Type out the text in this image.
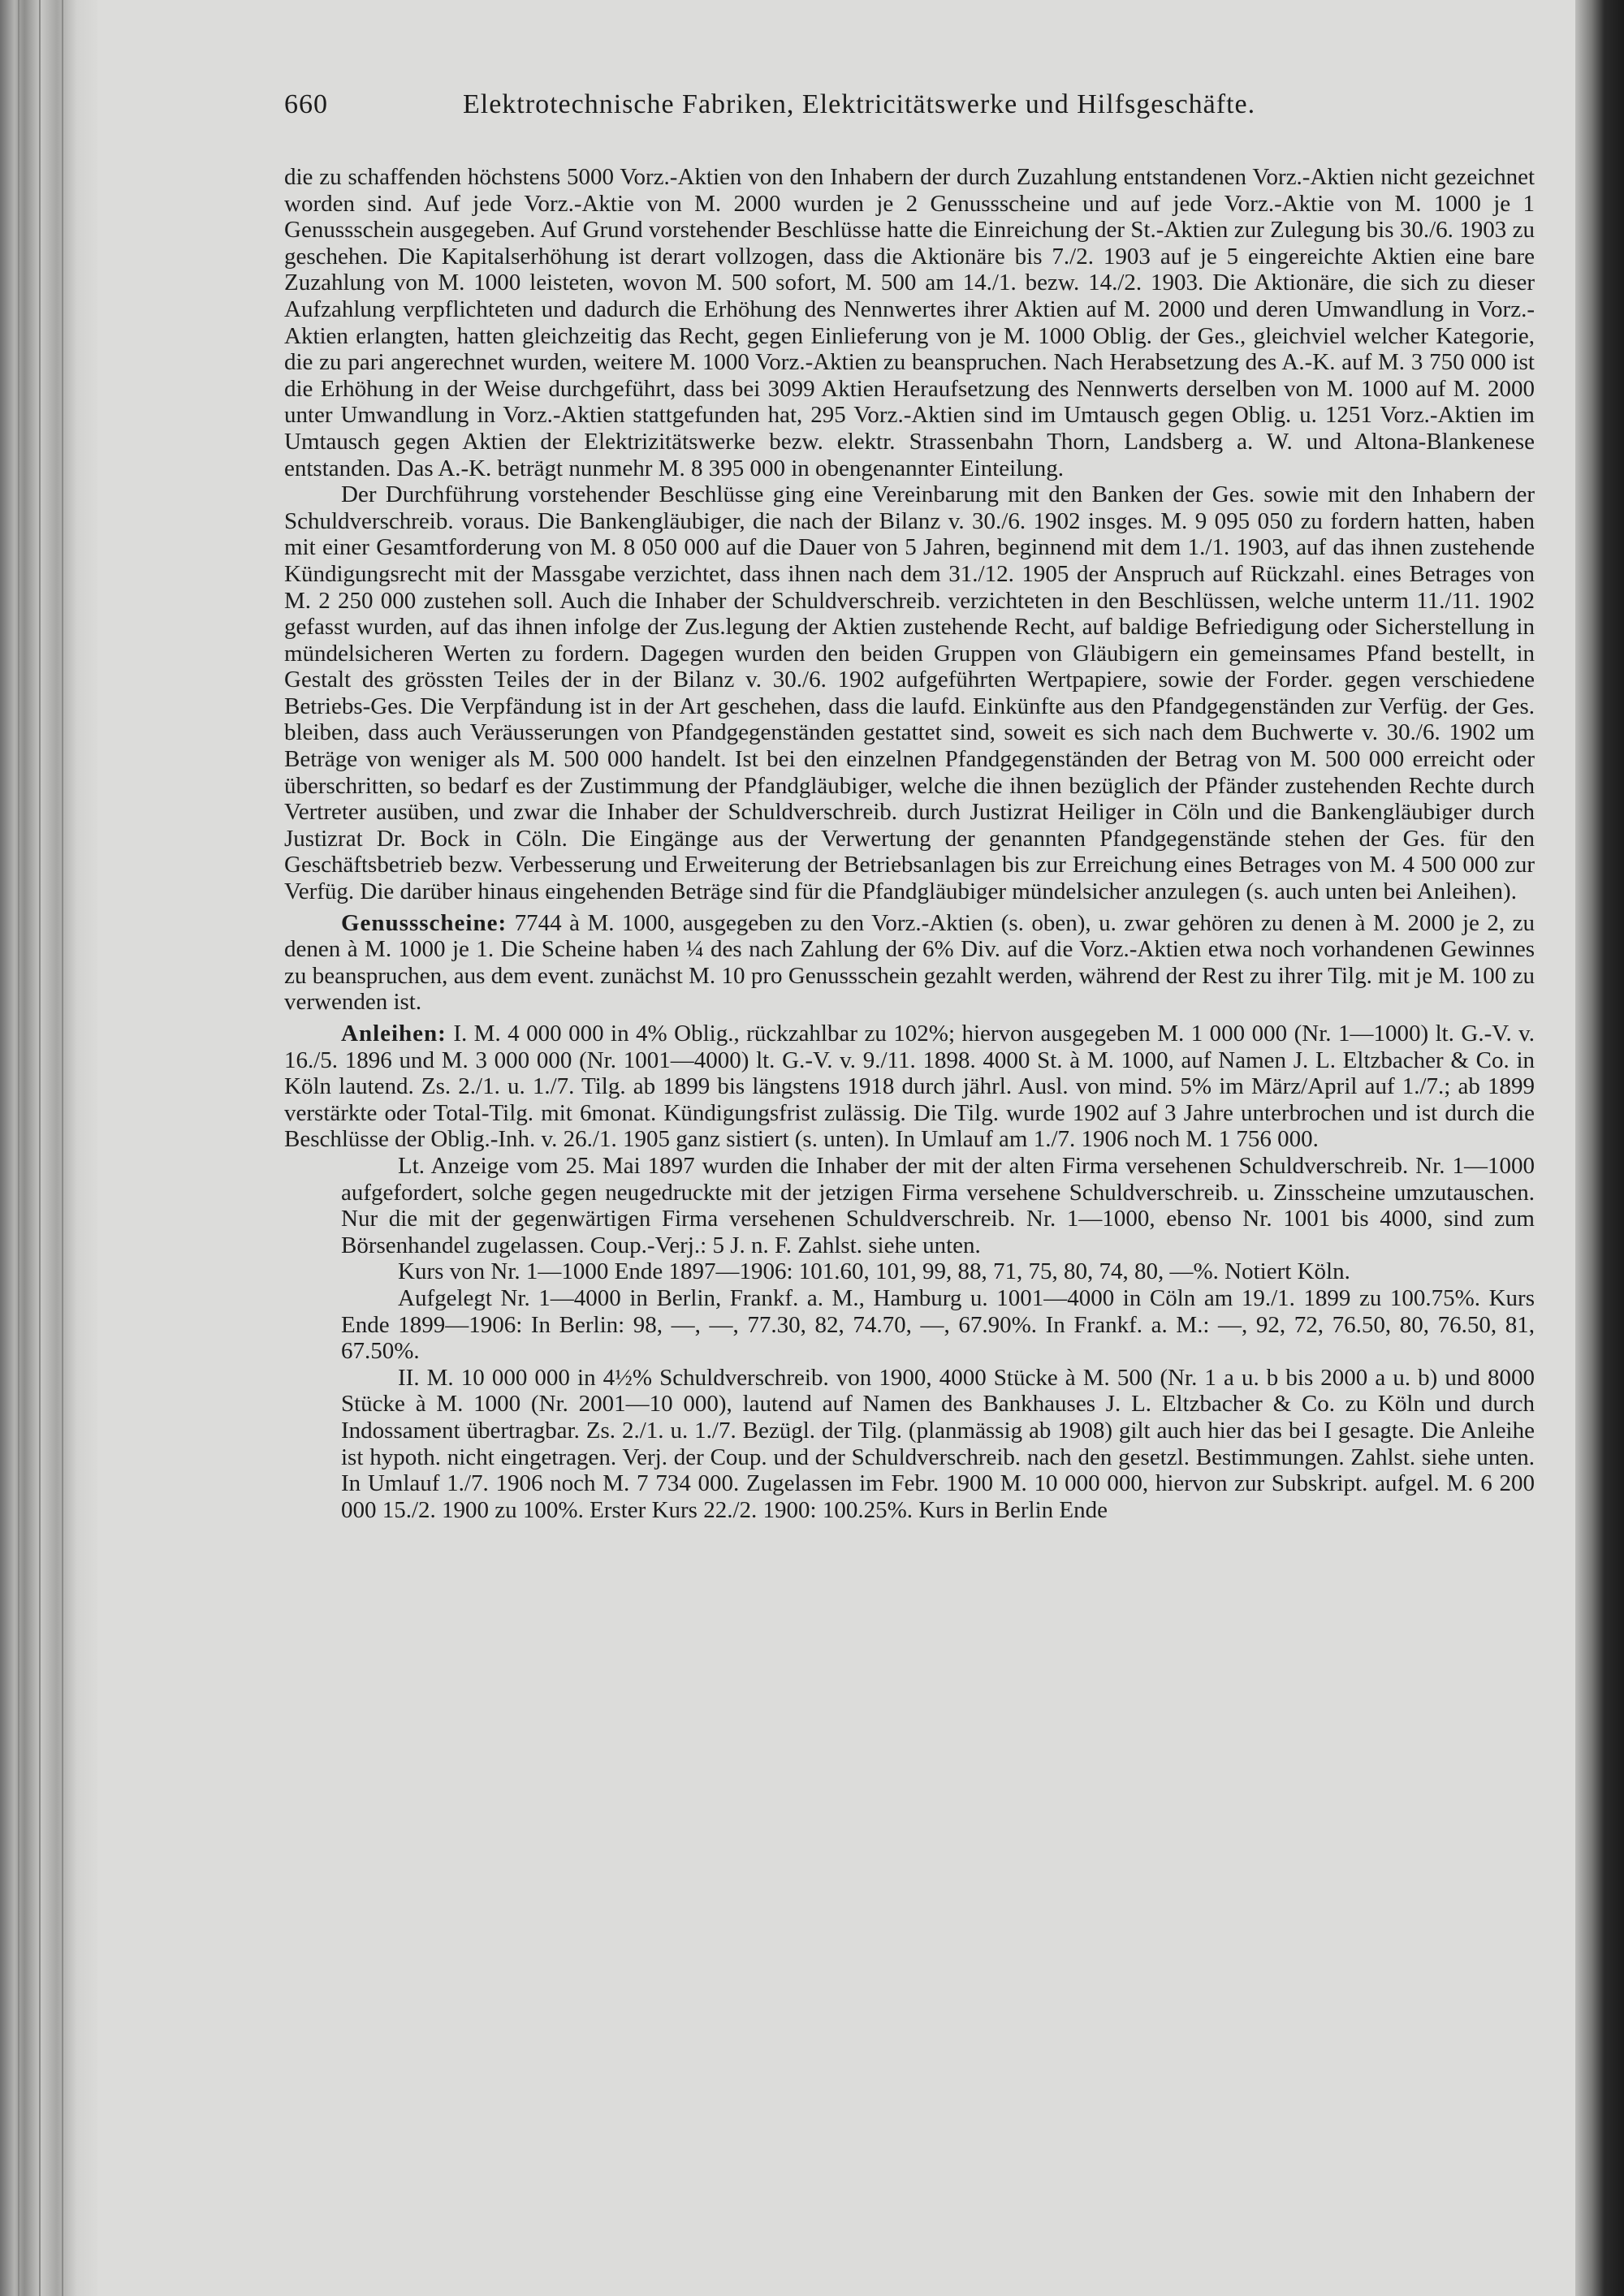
660	Elektrotechnische Fabriken, Elektricitätswerke und Hilfsgeschäfte.

die zu schaffenden höchstens 5000 Vorz.-Aktien von den Inhabern der durch Zuzahlung entstandenen Vorz.-Aktien nicht gezeichnet worden sind. Auf jede Vorz.-Aktie von M. 2000 wurden je 2 Genussscheine und auf jede Vorz.-Aktie von M. 1000 je 1 Genussschein ausgegeben. Auf Grund vorstehender Beschlüsse hatte die Einreichung der St.-Aktien zur Zulegung bis 30./6. 1903 zu geschehen. Die Kapitalserhöhung ist derart vollzogen, dass die Aktionäre bis 7./2. 1903 auf je 5 eingereichte Aktien eine bare Zuzahlung von M. 1000 leisteten, wovon M. 500 sofort, M. 500 am 14./1. bezw. 14./2. 1903. Die Aktionäre, die sich zu dieser Aufzahlung verpflichteten und dadurch die Erhöhung des Nennwertes ihrer Aktien auf M. 2000 und deren Umwandlung in Vorz.-Aktien erlangten, hatten gleichzeitig das Recht, gegen Einlieferung von je M. 1000 Oblig. der Ges., gleichviel welcher Kategorie, die zu pari angerechnet wurden, weitere M. 1000 Vorz.-Aktien zu beanspruchen. Nach Herabsetzung des A.-K. auf M. 3 750 000 ist die Erhöhung in der Weise durchgeführt, dass bei 3099 Aktien Heraufsetzung des Nennwerts derselben von M. 1000 auf M. 2000 unter Umwandlung in Vorz.-Aktien stattgefunden hat, 295 Vorz.-Aktien sind im Umtausch gegen Oblig. u. 1251 Vorz.-Aktien im Umtausch gegen Aktien der Elektrizitätswerke bezw. elektr. Strassenbahn Thorn, Landsberg a. W. und Altona-Blankenese entstanden. Das A.-K. beträgt nunmehr M. 8 395 000 in obengenannter Einteilung.

Der Durchführung vorstehender Beschlüsse ging eine Vereinbarung mit den Banken der Ges. sowie mit den Inhabern der Schuldverschreib. voraus. Die Bankengläubiger, die nach der Bilanz v. 30./6. 1902 insges. M. 9 095 050 zu fordern hatten, haben mit einer Gesamtforderung von M. 8 050 000 auf die Dauer von 5 Jahren, beginnend mit dem 1./1. 1903, auf das ihnen zustehende Kündigungsrecht mit der Massgabe verzichtet, dass ihnen nach dem 31./12. 1905 der Anspruch auf Rückzahl. eines Betrages von M. 2 250 000 zustehen soll. Auch die Inhaber der Schuldverschreib. verzichteten in den Beschlüssen, welche unterm 11./11. 1902 gefasst wurden, auf das ihnen infolge der Zus.legung der Aktien zustehende Recht, auf baldige Befriedigung oder Sicherstellung in mündelsicheren Werten zu fordern. Dagegen wurden den beiden Gruppen von Gläubigern ein gemeinsames Pfand bestellt, in Gestalt des grössten Teiles der in der Bilanz v. 30./6. 1902 aufgeführten Wertpapiere, sowie der Forder. gegen verschiedene Betriebs-Ges. Die Verpfändung ist in der Art geschehen, dass die laufd. Einkünfte aus den Pfandgegenständen zur Verfüg. der Ges. bleiben, dass auch Veräusserungen von Pfandgegenständen gestattet sind, soweit es sich nach dem Buchwerte v. 30./6. 1902 um Beträge von weniger als M. 500 000 handelt. Ist bei den einzelnen Pfandgegenständen der Betrag von M. 500 000 erreicht oder überschritten, so bedarf es der Zustimmung der Pfandgläubiger, welche die ihnen bezüglich der Pfänder zustehenden Rechte durch Vertreter ausüben, und zwar die Inhaber der Schuldverschreib. durch Justizrat Heiliger in Cöln und die Bankengläubiger durch Justizrat Dr. Bock in Cöln. Die Eingänge aus der Verwertung der genannten Pfandgegenstände stehen der Ges. für den Geschäftsbetrieb bezw. Verbesserung und Erweiterung der Betriebsanlagen bis zur Erreichung eines Betrages von M. 4 500 000 zur Verfüg. Die darüber hinaus eingehenden Beträge sind für die Pfandgläubiger mündelsicher anzulegen (s. auch unten bei Anleihen).

Genussscheine: 7744 à M. 1000, ausgegeben zu den Vorz.-Aktien (s. oben), u. zwar gehören zu denen à M. 2000 je 2, zu denen à M. 1000 je 1. Die Scheine haben ¼ des nach Zahlung der 6% Div. auf die Vorz.-Aktien etwa noch vorhandenen Gewinnes zu beanspruchen, aus dem event. zunächst M. 10 pro Genussschein gezahlt werden, während der Rest zu ihrer Tilg. mit je M. 100 zu verwenden ist.

Anleihen: I. M. 4 000 000 in 4% Oblig., rückzahlbar zu 102%; hiervon ausgegeben M. 1 000 000 (Nr. 1—1000) lt. G.-V. v. 16./5. 1896 und M. 3 000 000 (Nr. 1001—4000) lt. G.-V. v. 9./11. 1898. 4000 St. à M. 1000, auf Namen J. L. Eltzbacher & Co. in Köln lautend. Zs. 2./1. u. 1./7. Tilg. ab 1899 bis längstens 1918 durch jährl. Ausl. von mind. 5% im März/April auf 1./7.; ab 1899 verstärkte oder Total-Tilg. mit 6monat. Kündigungsfrist zulässig. Die Tilg. wurde 1902 auf 3 Jahre unterbrochen und ist durch die Beschlüsse der Oblig.-Inh. v. 26./1. 1905 ganz sistiert (s. unten). In Umlauf am 1./7. 1906 noch M. 1 756 000.

Lt. Anzeige vom 25. Mai 1897 wurden die Inhaber der mit der alten Firma versehenen Schuldverschreib. Nr. 1—1000 aufgefordert, solche gegen neugedruckte mit der jetzigen Firma versehene Schuldverschreib. u. Zinsscheine umzutauschen. Nur die mit der gegenwärtigen Firma versehenen Schuldverschreib. Nr. 1—1000, ebenso Nr. 1001 bis 4000, sind zum Börsenhandel zugelassen. Coup.-Verj.: 5 J. n. F. Zahlst. siehe unten.

Kurs von Nr. 1—1000 Ende 1897—1906: 101.60, 101, 99, 88, 71, 75, 80, 74, 80, —%. Notiert Köln.

Aufgelegt Nr. 1—4000 in Berlin, Frankf. a. M., Hamburg u. 1001—4000 in Cöln am 19./1. 1899 zu 100.75%. Kurs Ende 1899—1906: In Berlin: 98, —, —, 77.30, 82, 74.70, —, 67.90%. In Frankf. a. M.: —, 92, 72, 76.50, 80, 76.50, 81, 67.50%.

II. M. 10 000 000 in 4½% Schuldverschreib. von 1900, 4000 Stücke à M. 500 (Nr. 1 a u. b bis 2000 a u. b) und 8000 Stücke à M. 1000 (Nr. 2001—10 000), lautend auf Namen des Bankhauses J. L. Eltzbacher & Co. zu Köln und durch Indossament übertragbar. Zs. 2./1. u. 1./7. Bezügl. der Tilg. (planmässig ab 1908) gilt auch hier das bei I gesagte. Die Anleihe ist hypoth. nicht eingetragen. Verj. der Coup. und der Schuldverschreib. nach den gesetzl. Bestimmungen. Zahlst. siehe unten. In Umlauf 1./7. 1906 noch M. 7 734 000. Zugelassen im Febr. 1900 M. 10 000 000, hiervon zur Subskript. aufgel. M. 6 200 000 15./2. 1900 zu 100%. Erster Kurs 22./2. 1900: 100.25%. Kurs in Berlin Ende
